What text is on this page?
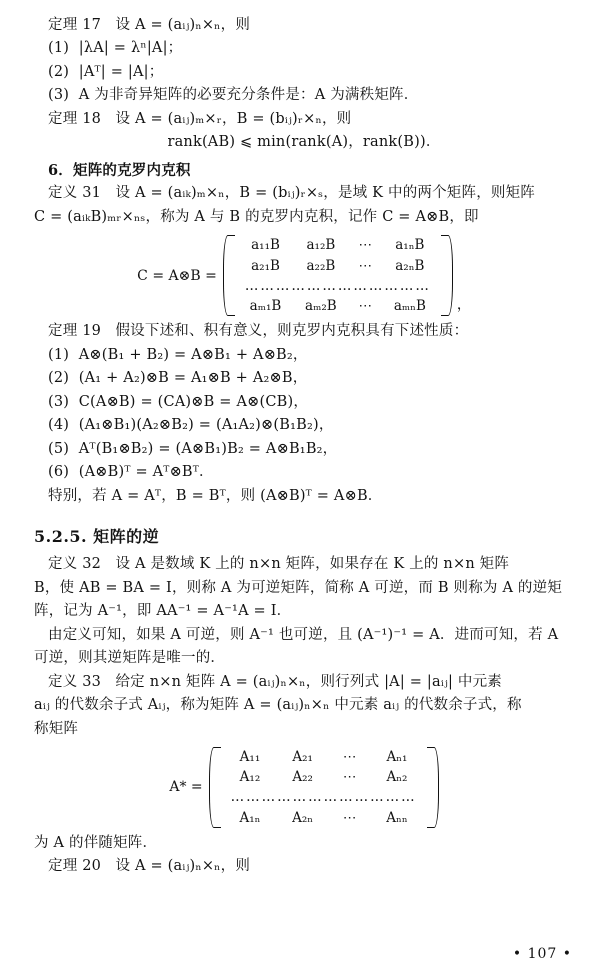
定理 17   设 A = (aᵢⱼ)ₙ×ₙ，则
(1)  |λA| = λⁿ|A|；
(2)  |Aᵀ| = |A|；
(3)  A 为非奇异矩阵的必要充分条件是：A 为满秩矩阵．
定理 18   设 A = (aᵢⱼ)ₘ×ᵣ，B = (bᵢⱼ)ᵣ×ₙ，则
rank(AB) ⩽ min(rank(A)，rank(B))．
6．矩阵的克罗内克积
定义 31   设 A = (aᵢₖ)ₘ×ₙ，B = (bᵢⱼ)ᵣ×ₛ，是域 K 中的两个矩阵，则矩阵
C = (aᵢₖB)ₘᵣ×ₙₛ，称为 A 与 B 的克罗内克积，记作 C = A⊗B，即
C = A⊗B =
a₁₁B	a₁₂B	⋯	a₁ₙB
a₂₁B	a₂₂B	⋯	a₂ₙB
………………………………			
aₘ₁B	aₘ₂B	⋯	aₘₙB ，
定理 19   假设下述和、积有意义，则克罗内克积具有下述性质：
(1)  A⊗(B₁ + B₂) = A⊗B₁ + A⊗B₂，
(2)  (A₁ + A₂)⊗B = A₁⊗B + A₂⊗B，
(3)  C(A⊗B) = (CA)⊗B = A⊗(CB)，
(4)  (A₁⊗B₁)(A₂⊗B₂) = (A₁A₂)⊗(B₁B₂)，
(5)  Aᵀ(B₁⊗B₂) = (A⊗B₁)B₂ = A⊗B₁B₂，
(6)  (A⊗B)ᵀ = Aᵀ⊗Bᵀ．
特别，若 A = Aᵀ，B = Bᵀ，则 (A⊗B)ᵀ = A⊗B．
5.2.5. 矩阵的逆
定义 32   设 A 是数域 K 上的 n×n 矩阵，如果存在 K 上的 n×n 矩阵
B，使 AB = BA = I，则称 A 为可逆矩阵，简称 A 可逆，而 B 则称为 A 的逆矩
阵，记为 A⁻¹，即 AA⁻¹ = A⁻¹A = I．
由定义可知，如果 A 可逆，则 A⁻¹ 也可逆，且 (A⁻¹)⁻¹ = A．进而可知，若 A
可逆，则其逆矩阵是唯一的．
定义 33   给定 n×n 矩阵 A = (aᵢⱼ)ₙ×ₙ，则行列式 |A| = |aᵢⱼ| 中元素
aᵢⱼ 的代数余子式 Aᵢⱼ，称为矩阵 A = (aᵢⱼ)ₙ×ₙ 中元素 aᵢⱼ 的代数余子式，称
称矩阵
A* =
A₁₁	A₂₁	⋯	Aₙ₁
A₁₂	A₂₂	⋯	Aₙ₂
………………………………			
A₁ₙ	A₂ₙ	⋯	Aₙₙ
为 A 的伴随矩阵．
定理 20   设 A = (aᵢⱼ)ₙ×ₙ，则
• 107 •
